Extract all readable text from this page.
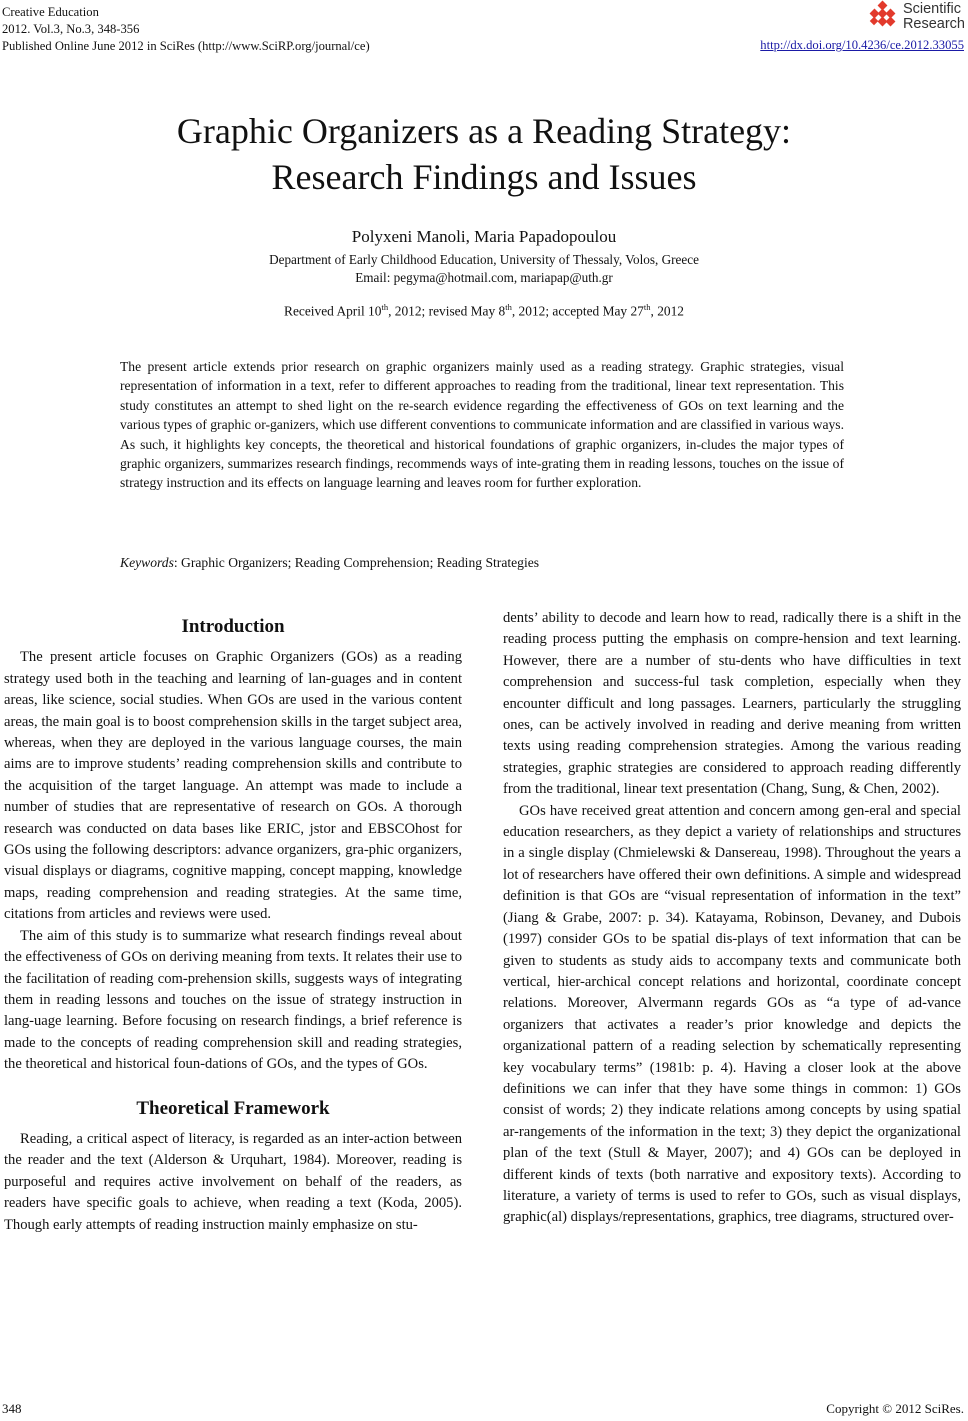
Creative Education
2012. Vol.3, No.3, 348-356
Published Online June 2012 in SciRes (http://www.SciRP.org/journal/ce)
Scientific
Research
http://dx.doi.org/10.4236/ce.2012.33055
Graphic Organizers as a Reading Strategy:
Research Findings and Issues
Polyxeni Manoli, Maria Papadopoulou
Department of Early Childhood Education, University of Thessaly, Volos, Greece
Email: pegyma@hotmail.com, mariapap@uth.gr
Received April 10th, 2012; revised May 8th, 2012; accepted May 27th, 2012
The present article extends prior research on graphic organizers mainly used as a reading strategy. Graphic strategies, visual representation of information in a text, refer to different approaches to reading from the traditional, linear text representation. This study constitutes an attempt to shed light on the re-search evidence regarding the effectiveness of GOs on text learning and the various types of graphic or-ganizers, which use different conventions to communicate information and are classified in various ways. As such, it highlights key concepts, the theoretical and historical foundations of graphic organizers, in-cludes the major types of graphic organizers, summarizes research findings, recommends ways of inte-grating them in reading lessons, touches on the issue of strategy instruction and its effects on language learning and leaves room for further exploration.
Keywords: Graphic Organizers; Reading Comprehension; Reading Strategies
Introduction

The present article focuses on Graphic Organizers (GOs) as a reading strategy used both in the teaching and learning of lan-guages and in content areas, like science, social studies. When GOs are used in the various content areas, the main goal is to boost comprehension skills in the target subject area, whereas, when they are deployed in the various language courses, the main aims are to improve students’ reading comprehension skills and contribute to the acquisition of the target language. An attempt was made to include a number of studies that are representative of research on GOs. A thorough research was conducted on data bases like ERIC, jstor and EBSCOhost for GOs using the following descriptors: advance organizers, gra-phic organizers, visual displays or diagrams, cognitive mapping, concept mapping, knowledge maps, reading comprehension and reading strategies. At the same time, citations from articles and reviews were used.

The aim of this study is to summarize what research findings reveal about the effectiveness of GOs on deriving meaning from texts. It relates their use to the facilitation of reading com-prehension skills, suggests ways of integrating them in reading lessons and touches on the issue of strategy instruction in lang-uage learning. Before focusing on research findings, a brief reference is made to the concepts of reading comprehension skill and reading strategies, the theoretical and historical foun-dations of GOs, and the types of GOs.

Theoretical Framework

Reading, a critical aspect of literacy, is regarded as an inter-action between the reader and the text (Alderson & Urquhart, 1984). Moreover, reading is purposeful and requires active involvement on behalf of the readers, as readers have specific goals to achieve, when reading a text (Koda, 2005). Though early attempts of reading instruction mainly emphasize on stu-

dents’ ability to decode and learn how to read, radically there is a shift in the reading process putting the emphasis on compre-hension and text learning. However, there are a number of stu-dents who have difficulties in text comprehension and success-ful task completion, especially when they encounter difficult and long passages. Learners, particularly the struggling ones, can be actively involved in reading and derive meaning from written texts using reading comprehension strategies. Among the various reading strategies, graphic strategies are considered to approach reading differently from the traditional, linear text presentation (Chang, Sung, & Chen, 2002).

GOs have received great attention and concern among gen-eral and special education researchers, as they depict a variety of relationships and structures in a single display (Chmielewski & Dansereau, 1998). Throughout the years a lot of researchers have offered their own definitions. A simple and widespread definition is that GOs are “visual representation of information in the text” (Jiang & Grabe, 2007: p. 34). Katayama, Robinson, Devaney, and Dubois (1997) consider GOs to be spatial dis-plays of text information that can be given to students as study aids to accompany texts and communicate both vertical, hier-archical concept relations and horizontal, coordinate concept relations. Moreover, Alvermann regards GOs as “a type of ad-vance organizers that activates a reader’s prior knowledge and depicts the organizational pattern of a reading selection by schematically representing key vocabulary terms” (1981b: p. 4). Having a closer look at the above definitions we can infer that they have some things in common: 1) GOs consist of words; 2) they indicate relations among concepts by using spatial ar-rangements of the information in the text; 3) they depict the organizational plan of the text (Stull & Mayer, 2007); and 4) GOs can be deployed in different kinds of texts (both narrative and expository texts). According to literature, a variety of terms is used to refer to GOs, such as visual displays, graphic(al) displays/representations, graphics, tree diagrams, structured over-

348	Copyright © 2012 SciRes.
